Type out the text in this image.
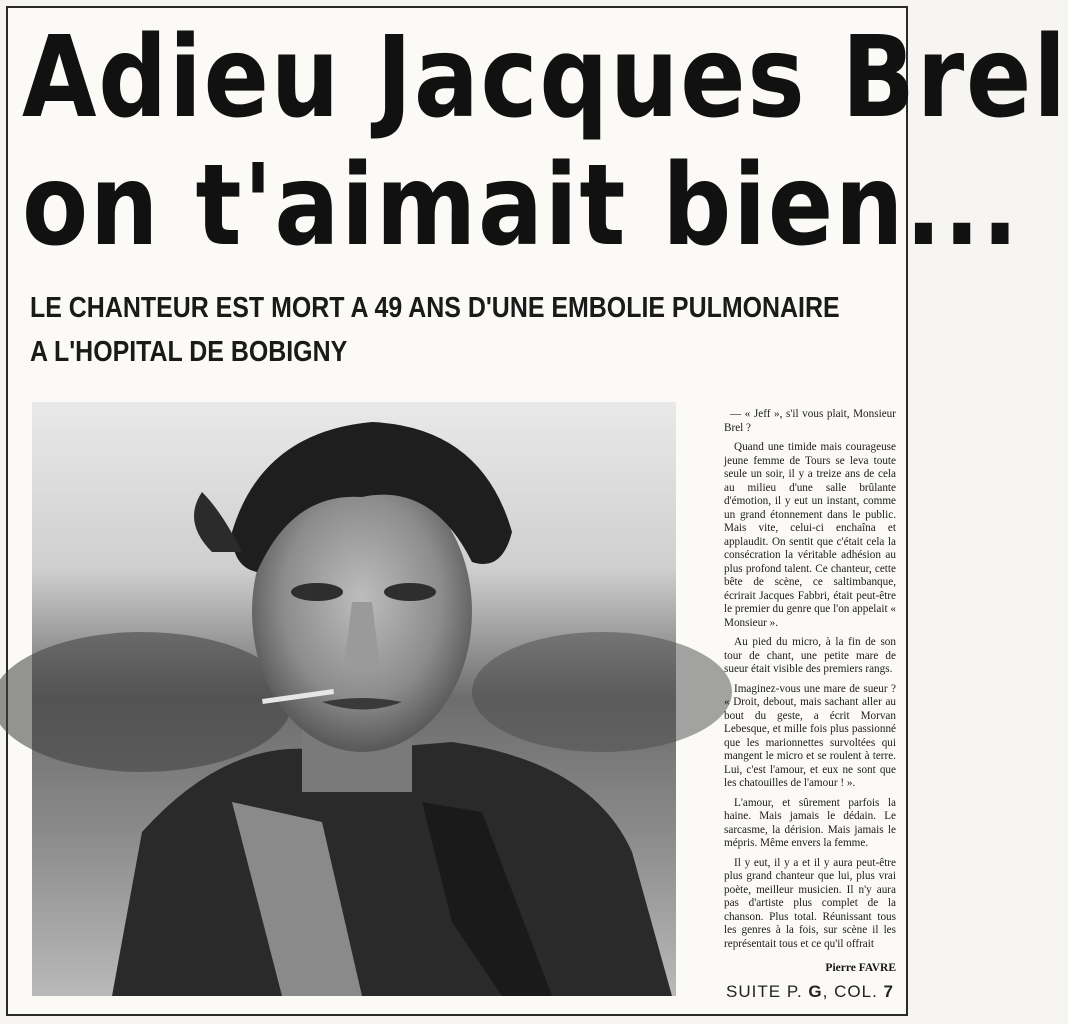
Adieu Jacques Brel
on t'aimait bien...
LE CHANTEUR EST MORT A 49 ANS D'UNE EMBOLIE PULMONAIRE
A L'HOPITAL DE BOBIGNY

— « Jeff », s'il vous plait, Monsieur Brel ?

Quand une timide mais courageuse jeune femme de Tours se leva toute seule un soir, il y a treize ans de cela au milieu d'une salle brûlante d'émotion, il y eut un instant, comme un grand étonnement dans le public. Mais vite, celui-ci enchaîna et applaudit. On sentit que c'était cela la consécration la véritable adhésion au plus profond talent. Ce chanteur, cette bête de scène, ce saltimbanque, écrirait Jacques Fabbri, était peut-être le premier du genre que l'on appelait « Monsieur ».

Au pied du micro, à la fin de son tour de chant, une petite mare de sueur était visible des premiers rangs.

Imaginez-vous une mare de sueur ? « Droit, debout, mais sachant aller au bout du geste, a écrit Morvan Lebesque, et mille fois plus passionné que les marionnettes survoltées qui mangent le micro et se roulent à terre. Lui, c'est l'amour, et eux ne sont que les chatouilles de l'amour ! ».

L'amour, et sûrement parfois la haine. Mais jamais le dédain. Le sarcasme, la dérision. Mais jamais le mépris. Même envers la femme.

Il y eut, il y a et il y aura peut-être plus grand chanteur que lui, plus vrai poète, meilleur musicien. Il n'y aura pas d'artiste plus complet de la chanson. Plus total. Réunissant tous les genres à la fois, sur scène il les représentait tous et ce qu'il offrait

Pierre FAVRE
SUITE P. G, COL. 7
